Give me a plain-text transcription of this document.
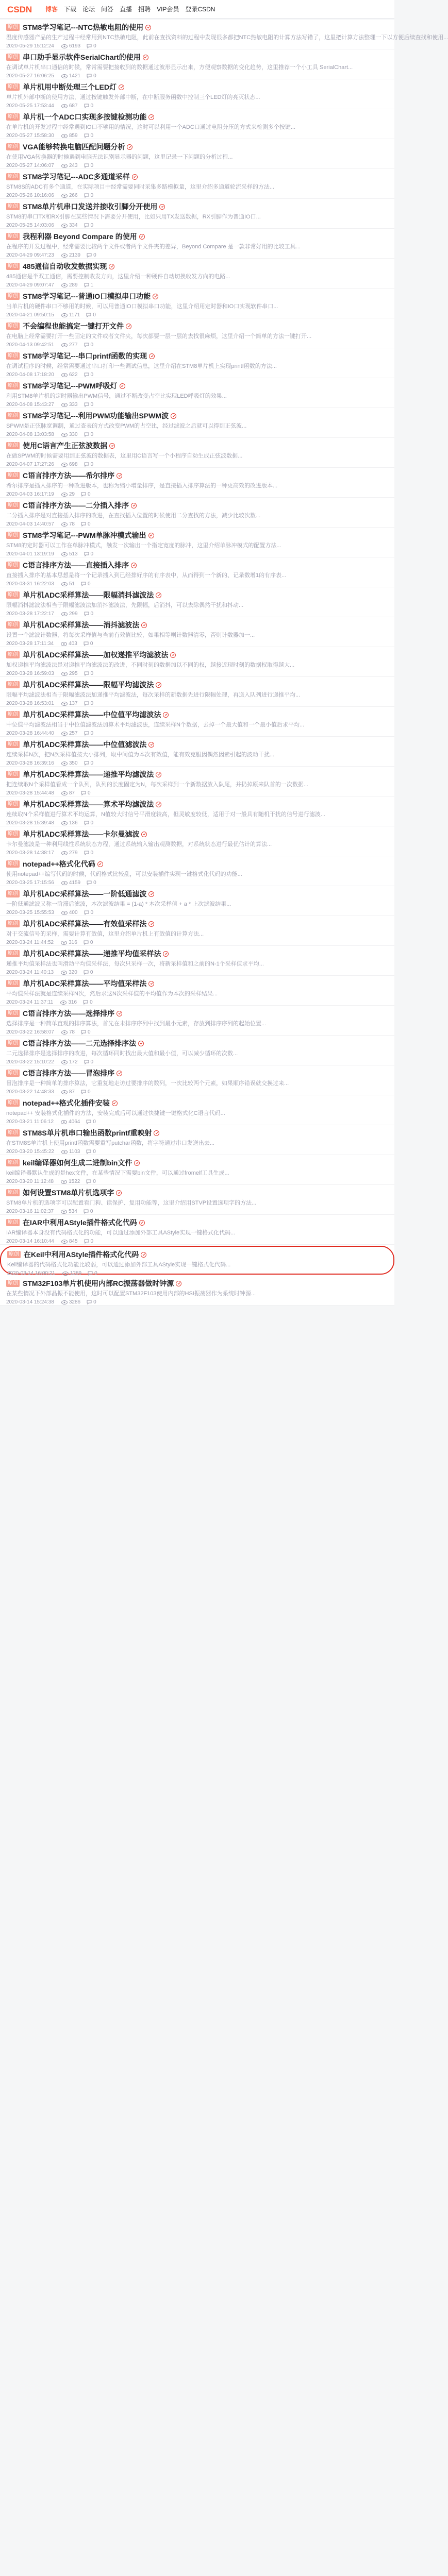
CSDN 博客 下载 论坛 问答 直播 招聘 VIP会员 登录CSDN
原创 STM8学习笔记---NTC热敏电阻的使用
温度传感器产品的生产过程中经常用到NTC热敏电阻，此前在查找资料的过程中发现很多都把NTC热敏电阻的计算方法写错了，这里把计算方法整理一下以方便后续查找和使用...
2020-05-29 15:12:24	6193	0
原创 串口助手显示软件SerialChart的使用
在调试单片机串口通信的时候，常常需要把接收到的数据通过波形显示出来，方便观察数据的变化趋势，这里推荐一个小工具 SerialChart...
2020-05-27 16:06:25	1421	0
原创 单片机用中断处理三个LED灯
单片机外部中断的使用方法，通过按键触发外部中断，在中断服务函数中控制三个LED灯的亮灭状态...
2020-05-25 17:53:44	687	0
原创 单片机一个ADC口实现多按键检测功能
在单片机的开发过程中经常遇到IO口不够用的情况，这时可以利用一个ADC口通过电阻分压的方式来检测多个按键...
2020-05-27 15:58:30	859	0
原创 VGA能够转换电脑匹配问题分析
在使用VGA转换器的时候遇到电脑无法识别显示器的问题，这里记录一下问题的分析过程...
2020-05-27 14:06:07	243	0
原创 STM8学习笔记---ADC多通道采样
STM8S的ADC有多个通道，在实际项目中经常需要同时采集多路模拟量，这里介绍多通道轮流采样的方法...
2020-05-26 10:16:06	266	0
原创 STM8单片机串口发送并接收引脚分开使用
STM8的串口TX和RX引脚在某些情况下需要分开使用，比如只用TX发送数据，RX引脚作为普通IO口...
2020-05-25 14:03:06	334	0
原创 我程利器 Beyond Compare 的使用
在程序的开发过程中，经常需要比较两个文件或者两个文件夹的差异，Beyond Compare 是一款非常好用的比较工具...
2020-04-29 09:47:23	2139	0
原创 485通信自动收发数据实现
485通信是半双工通信，需要控制收发方向，这里介绍一种硬件自动切换收发方向的电路...
2020-04-29 09:07:47	289	1
原创 STM8学习笔记---普通IO口模拟串口功能
当单片机的硬件串口不够用的时候，可以用普通IO口模拟串口功能，这里介绍用定时器和IO口实现软件串口...
2020-04-21 09:50:15	1171	0
原创 不会编程也能搞定一键打开文件
在电脑上经常需要打开一些固定的文件或者文件夹，每次都要一层一层的去找很麻烦，这里介绍一个简单的方法一键打开...
2020-04-13 09:42:51	277	0
原创 STM8学习笔记---串口printf函数的实现
在调试程序的时候，经常需要通过串口打印一些调试信息，这里介绍在STM8单片机上实现printf函数的方法...
2020-04-08 17:18:20	622	0
原创 STM8学习笔记---PWM呼吸灯
利用STM8单片机的定时器输出PWM信号，通过不断改变占空比实现LED呼吸灯的效果...
2020-04-08 15:43:27	333	0
原创 STM8学习笔记---利用PWM功能输出SPWM波
SPWM是正弦脉宽调制，通过查表的方式改变PWM的占空比，经过滤波之后就可以得到正弦波...
2020-04-08 13:03:58	330	0
原创 使用C语言产生正弦波数据
在做SPWM的时候需要用到正弦波的数据表，这里用C语言写一个小程序自动生成正弦波数据...
2020-04-07 17:27:26	698	0
原创 C语言排序方法——希尔排序
希尔排序是插入排序的一种改进版本，也称为缩小增量排序，是直接插入排序算法的一种更高效的改进版本...
2020-04-03 16:17:19	29	0
原创 C语言排序方法——二分插入排序
二分插入排序是对直接插入排序的改进，在查找插入位置的时候使用二分查找的方法，减少比较次数...
2020-04-03 14:40:57	78	0
原创 STM8学习笔记---PWM单脉冲模式输出
STM8的定时器可以工作在单脉冲模式，触发一次输出一个指定宽度的脉冲，这里介绍单脉冲模式的配置方法...
2020-04-01 13:19:19	513	0
原创 C语言排序方法——直接插入排序
直接插入排序的基本思想是将一个记录插入到已经排好序的有序表中，从而得到一个新的、记录数增1的有序表...
2020-03-31 16:22:03	51	0
原创 单片机ADC采样算法——限幅消抖滤波法
限幅消抖滤波法相当于限幅滤波法加消抖滤波法，先限幅，后消抖，可以去除偶然干扰和抖动...
2020-03-28 17:22:17	299	0
原创 单片机ADC采样算法——消抖滤波法
设置一个滤波计数器，将每次采样值与当前有效值比较，如果相等则计数器清零，否则计数器加一...
2020-03-28 17:11:34	403	0
原创 单片机ADC采样算法——加权递推平均滤波法
加权递推平均滤波法是对递推平均滤波法的改进，不同时刻的数据加以不同的权，越接近现时刻的数据权取得越大...
2020-03-28 16:59:03	295	0
原创 单片机ADC采样算法——限幅平均滤波法
限幅平均滤波法相当于限幅滤波法加递推平均滤波法，每次采样的新数据先进行限幅处理，再送入队列进行递推平均...
2020-03-28 16:53:01	137	0
原创 单片机ADC采样算法——中位值平均滤波法
中位值平均滤波法相当于中位值滤波法加算术平均滤波法，连续采样N个数据，去掉一个最大值和一个最小值后求平均...
2020-03-28 16:44:40	257	0
原创 单片机ADC采样算法——中位值滤波法
连续采样N次，把N次采样值按大小排列，取中间值为本次有效值，能有效克服因偶然因素引起的波动干扰...
2020-03-28 16:39:16	350	0
原创 单片机ADC采样算法——递推平均滤波法
把连续取N个采样值看成一个队列，队列的长度固定为N，每次采样到一个新数据放入队尾，并扔掉原来队首的一次数据...
2020-03-28 15:44:48	87	0
原创 单片机ADC采样算法——算术平均滤波法
连续取N个采样值进行算术平均运算，N值较大时信号平滑度较高，但灵敏度较低，适用于对一般具有随机干扰的信号进行滤波...
2020-03-28 15:39:48	136	0
原创 单片机ADC采样算法——卡尔曼滤波
卡尔曼滤波是一种利用线性系统状态方程，通过系统输入输出观测数据，对系统状态进行最优估计的算法...
2020-03-28 14:38:17	279	0
原创 notepad++格式化代码
使用notepad++编写代码的时候，代码格式比较乱，可以安装插件实现一键格式化代码的功能...
2020-03-25 17:15:56	4159	0
原创 单片机ADC采样算法——一阶低通滤波
一阶低通滤波又称一阶滞后滤波，本次滤波结果 = (1-a) * 本次采样值 + a * 上次滤波结果...
2020-03-25 15:55:53	400	0
原创 单片机ADC采样算法——有效值采样法
对于交流信号的采样，需要计算有效值，这里介绍单片机上有效值的计算方法...
2020-03-24 11:44:52	316	0
原创 单片机ADC采样算法——递推平均值采样法
递推平均值采样法也叫滑动平均值采样法，每次只采样一次，将新采样值和之前的N-1个采样值求平均...
2020-03-24 11:40:13	320	0
原创 单片机ADC采样算法——平均值采样法
平均值采样法就是连续采样N次，然后求这N次采样值的平均值作为本次的采样结果...
2020-03-24 11:37:11	316	0
原创 C语言排序方法——选择排序
选择排序是一种简单直观的排序算法，首先在未排序序列中找到最小元素，存放到排序序列的起始位置...
2020-03-22 16:58:07	78	0
原创 C语言排序方法——二元选择排序法
二元选择排序是选择排序的改进，每次循环同时找出最大值和最小值，可以减少循环的次数...
2020-03-22 15:10:22	172	0
原创 C语言排序方法——冒泡排序
冒泡排序是一种简单的排序算法，它重复地走访过要排序的数列，一次比较两个元素，如果顺序错误就交换过来...
2020-03-22 14:48:33	87	0
原创 notepad++格式化插件安装
notepad++ 安装格式化插件的方法，安装完成后可以通过快捷键一键格式化C语言代码...
2020-03-21 11:06:12	4064	0
原创 STM8S单片机串口输出函数printf重映射
在STM8S单片机上使用printf函数需要重写putchar函数，将字符通过串口发送出去...
2020-03-20 15:45:22	1103	0
原创 keil编译器如何生成二进制bin文件
keil编译器默认生成的是hex文件，在某些情况下需要bin文件，可以通过fromelf工具生成...
2020-03-20 11:12:48	1522	0
原创 如何设置STM8单片机选项字
STM8单片机的选项字可以配置看门狗、读保护、复用功能等，这里介绍用STVP设置选项字的方法...
2020-03-16 11:02:37	534	0
原创 在IAR中利用AStyle插件格式化代码
IAR编译器本身没有代码格式化的功能，可以通过添加外部工具AStyle实现一键格式化代码...
2020-03-14 16:10:44	845	0
原创 在Keil中利用AStyle插件格式化代码
Keil编译器的代码格式化功能比较弱，可以通过添加外部工具AStyle实现一键格式化代码...
2020-03-14 16:00:21	1289	0
原创 STM32F103单片机使用内部RC振荡器做时钟源
在某些情况下外部晶振不能使用，这时可以配置STM32F103使用内部的HSI振荡器作为系统时钟源...
2020-03-14 15:24:38	3286	0
